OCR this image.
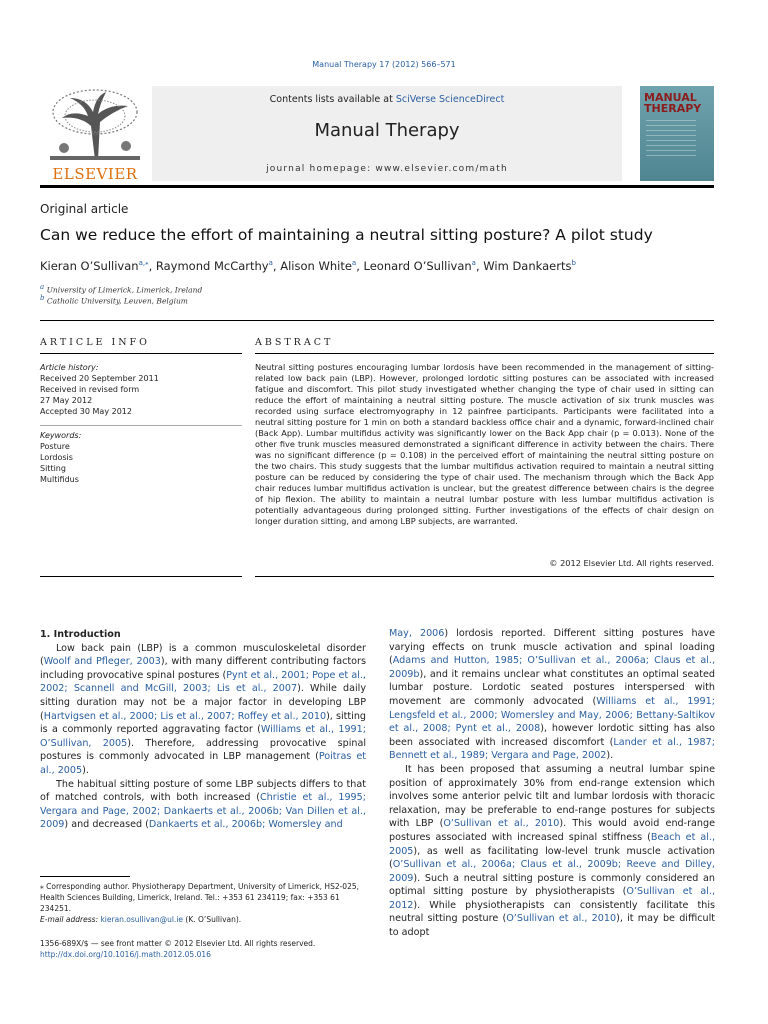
Manual Therapy 17 (2012) 566–571
ELSEVIER
Contents lists available at SciVerse ScienceDirect
Manual Therapy
journal homepage: www.elsevier.com/math
MANUAL THERAPY
Original article
Can we reduce the effort of maintaining a neutral sitting posture? A pilot study
Kieran O’Sullivan$^{a,⁎}$, Raymond McCarthy$^a$, Alison White$^a$, Leonard O’Sullivan$^a$, Wim Dankaerts$^b$
$^a$ University of Limerick, Limerick, Ireland
$^b$ Catholic University, Leuven, Belgium
ARTICLE INFO	ABSTRACT
Article history:
Received 20 September 2011
Received in revised form
27 May 2012
Accepted 30 May 2012
Keywords:
Posture
Lordosis
Sitting
Multifidus
Neutral sitting postures encouraging lumbar lordosis have been recommended in the management of sitting-related low back pain (LBP). However, prolonged lordotic sitting postures can be associated with increased fatigue and discomfort. This pilot study investigated whether changing the type of chair used in sitting can reduce the effort of maintaining a neutral sitting posture. The muscle activation of six trunk muscles was recorded using surface electromyography in 12 painfree participants. Participants were facilitated into a neutral sitting posture for 1 min on both a standard backless office chair and a dynamic, forward-inclined chair (Back App). Lumbar multifidus activity was significantly lower on the Back App chair (p = 0.013). None of the other five trunk muscles measured demonstrated a significant difference in activity between the chairs. There was no significant difference (p = 0.108) in the perceived effort of maintaining the neutral sitting posture on the two chairs. This study suggests that the lumbar multifidus activation required to maintain a neutral sitting posture can be reduced by considering the type of chair used. The mechanism through which the Back App chair reduces lumbar multifidus activation is unclear, but the greatest difference between chairs is the degree of hip flexion. The ability to maintain a neutral lumbar posture with less lumbar multifidus activation is potentially advantageous during prolonged sitting. Further investigations of the effects of chair design on longer duration sitting, and among LBP subjects, are warranted.
© 2012 Elsevier Ltd. All rights reserved.

1. Introduction

Low back pain (LBP) is a common musculoskeletal disorder (Woolf and Pfleger, 2003), with many different contributing factors including provocative spinal postures (Pynt et al., 2001; Pope et al., 2002; Scannell and McGill, 2003; Lis et al., 2007). While daily sitting duration may not be a major factor in developing LBP (Hartvigsen et al., 2000; Lis et al., 2007; Roffey et al., 2010), sitting is a commonly reported aggravating factor (Williams et al., 1991; O’Sullivan, 2005). Therefore, addressing provocative spinal postures is commonly advocated in LBP management (Poitras et al., 2005).

The habitual sitting posture of some LBP subjects differs to that of matched controls, with both increased (Christie et al., 1995; Vergara and Page, 2002; Dankaerts et al., 2006b; Van Dillen et al., 2009) and decreased (Dankaerts et al., 2006b; Womersley and

May, 2006) lordosis reported. Different sitting postures have varying effects on trunk muscle activation and spinal loading (Adams and Hutton, 1985; O’Sullivan et al., 2006a; Claus et al., 2009b), and it remains unclear what constitutes an optimal seated lumbar posture. Lordotic seated postures interspersed with movement are commonly advocated (Williams et al., 1991; Lengsfeld et al., 2000; Womersley and May, 2006; Bettany-Saltikov et al., 2008; Pynt et al., 2008), however lordotic sitting has also been associated with increased discomfort (Lander et al., 1987; Bennett et al., 1989; Vergara and Page, 2002).

It has been proposed that assuming a neutral lumbar spine position of approximately 30% from end-range extension which involves some anterior pelvic tilt and lumbar lordosis with thoracic relaxation, may be preferable to end-range postures for subjects with LBP (O’Sullivan et al., 2010). This would avoid end-range postures associated with increased spinal stiffness (Beach et al., 2005), as well as facilitating low-level trunk muscle activation (O’Sullivan et al., 2006a; Claus et al., 2009b; Reeve and Dilley, 2009). Such a neutral sitting posture is commonly considered an optimal sitting posture by physiotherapists (O’Sullivan et al., 2012). While physiotherapists can consistently facilitate this neutral sitting posture (O’Sullivan et al., 2010), it may be difficult to adopt

⁎ Corresponding author. Physiotherapy Department, University of Limerick, HS2-025, Health Sciences Building, Limerick, Ireland. Tel.: +353 61 234119; fax: +353 61 234251.
E-mail address: kieran.osullivan@ul.ie (K. O’Sullivan).
1356-689X/$ — see front matter © 2012 Elsevier Ltd. All rights reserved.
http://dx.doi.org/10.1016/j.math.2012.05.016
